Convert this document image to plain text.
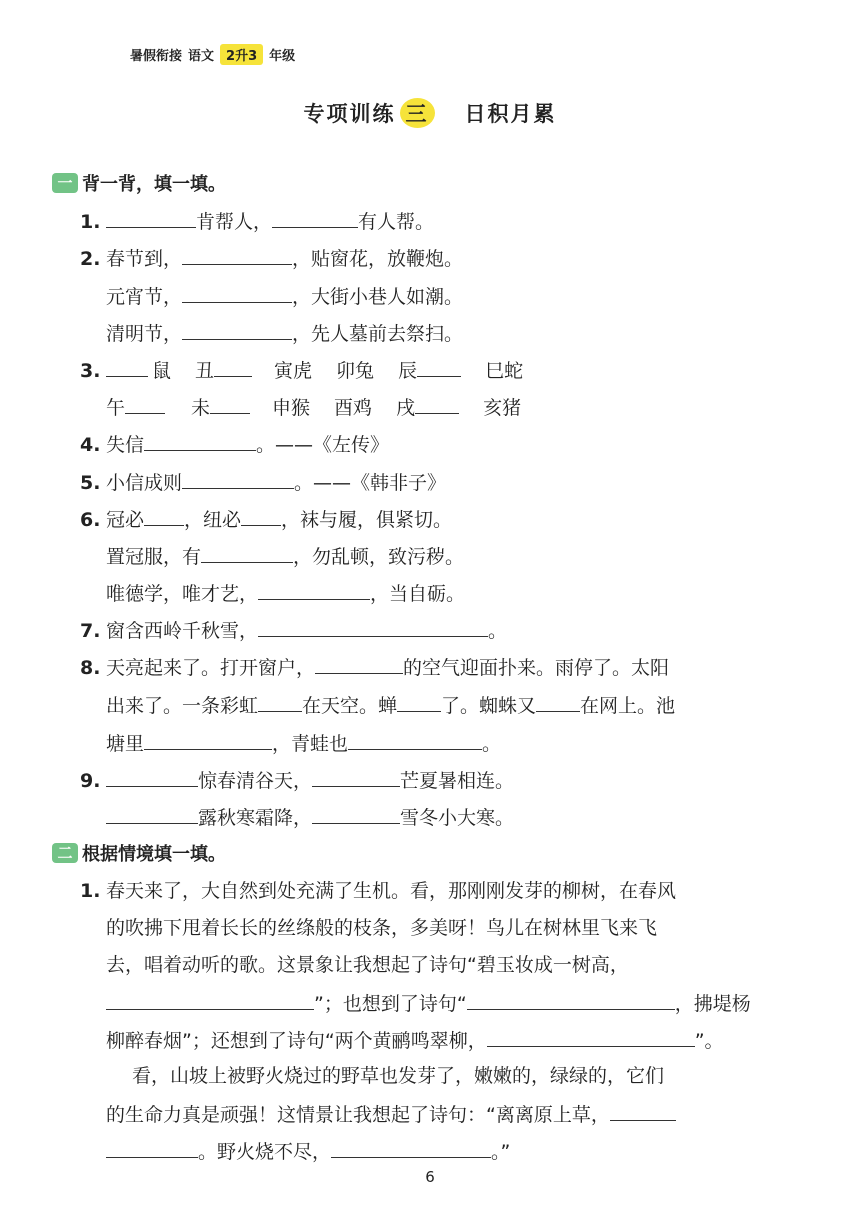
暑假衔接 语文 2升3 年级
专项训练 三 日积月累
一 背一背，填一填。
1.	肯帮人，	有人帮。
2. 春节到，	，贴窗花，放鞭炮。
元宵节，	，大街小巷人如潮。
清明节，	，先人墓前去祭扫。
3.	鼠 丑	寅虎 卯兔 辰	巳蛇
午	未	申猴 酉鸡 戌	亥猪
4. 失信	。——《左传》
5. 小信成则	。——《韩非子》
6. 冠必 ，纽必 ，袜与履，俱紧切。
置冠服，有	，勿乱顿，致污秽。
唯德学，唯才艺，	，当自砺。
7. 窗含西岭千秋雪，	。
8. 天亮起来了。打开窗户，	的空气迎面扑来。雨停了。太阳
出来了。一条彩虹 在天空。蝉 了。蜘蛛又 在网上。池
塘里	，青蛙也	。
9.	惊春清谷天，	芒夏暑相连。
露秋寒霜降，	雪冬小大寒。
二 根据情境填一填。
1. 春天来了，大自然到处充满了生机。看，那刚刚发芽的柳树，在春风
的吹拂下甩着长长的丝绦般的枝条，多美呀！鸟儿在树林里飞来飞
去，唱着动听的歌。这景象让我想起了诗句“碧玉妆成一树高，
”；也想到了诗句“	，拂堤杨
柳醉春烟”；还想到了诗句“两个黄鹂鸣翠柳，	”。
看，山坡上被野火烧过的野草也发芽了，嫩嫩的，绿绿的，它们
的生命力真是顽强！这情景让我想起了诗句：“离离原上草，
。野火烧不尽，	。”
6
